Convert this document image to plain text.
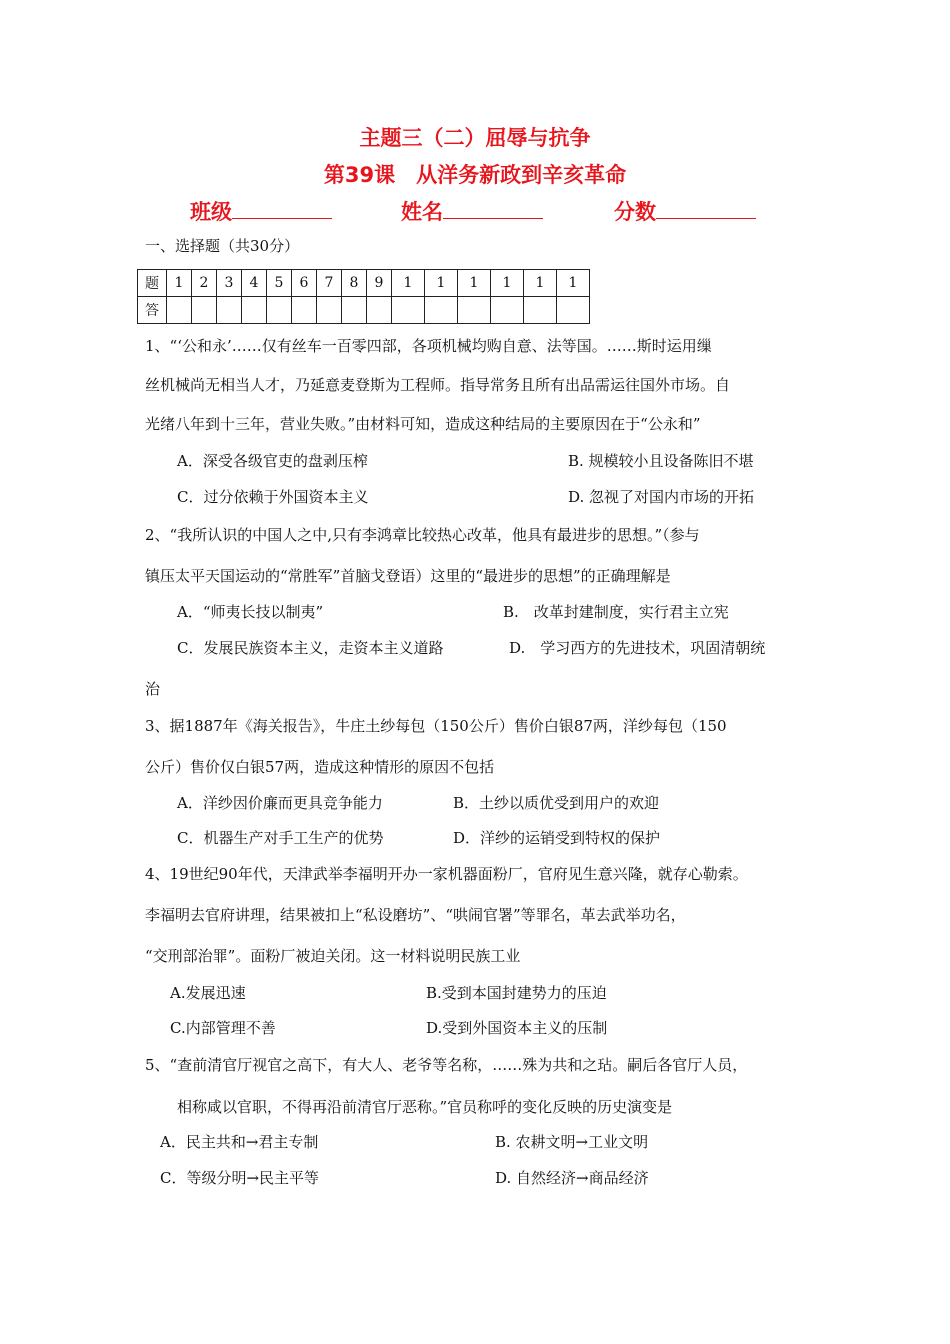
主题三（二）屈辱与抗争
第39课　从洋务新政到辛亥革命
班级	姓名	分数
一、选择题（共30分）
题	1	2	3	4	5	6	7	8	9	1	1	1	1	1	1
答															
1、“‘公和永’……仅有丝车一百零四部，各项机械均购自意、法等国。……斯时运用缫
丝机械尚无相当人才，乃延意麦登斯为工程师。指导常务且所有出品需运往国外市场。自
光绪八年到十三年，营业失败。”由材料可知，造成这种结局的主要原因在于“公永和”
A．深受各级官吏的盘剥压榨	B. 规模较小且设备陈旧不堪
C．过分依赖于外国资本主义	D. 忽视了对国内市场的开拓
2、“我所认识的中国人之中,只有李鸿章比较热心改革，他具有最进步的思想。”（参与
镇压太平天国运动的“常胜军”首脑戈登语）这里的“最进步的思想”的正确理解是
A．“师夷长技以制夷”	B.　改革封建制度，实行君主立宪
C．发展民族资本主义，走资本主义道路	D.　学习西方的先进技术，巩固清朝统
治
3、据1887年《海关报告》，牛庄土纱每包（150公斤）售价白银87两，洋纱每包（150
公斤）售价仅白银57两，造成这种情形的原因不包括
A．洋纱因价廉而更具竞争能力	B．土纱以质优受到用户的欢迎
C．机器生产对手工生产的优势	D．洋纱的运销受到特权的保护
4、19世纪90年代，天津武举李福明开办一家机器面粉厂，官府见生意兴隆，就存心勒索。
李福明去官府讲理，结果被扣上“私设磨坊”、“哄闹官署”等罪名，革去武举功名，
“交刑部治罪”。面粉厂被迫关闭。这一材料说明民族工业
A.发展迅速	B.受到本国封建势力的压迫
C.内部管理不善	D.受到外国资本主义的压制
5、“查前清官厅视官之高下，有大人、老爷等名称，……殊为共和之玷。嗣后各官厅人员，
相称咸以官职，不得再沿前清官厅恶称。”官员称呼的变化反映的历史演变是
A．民主共和→君主专制	B. 农耕文明→工业文明
C．等级分明→民主平等	D. 自然经济→商品经济
